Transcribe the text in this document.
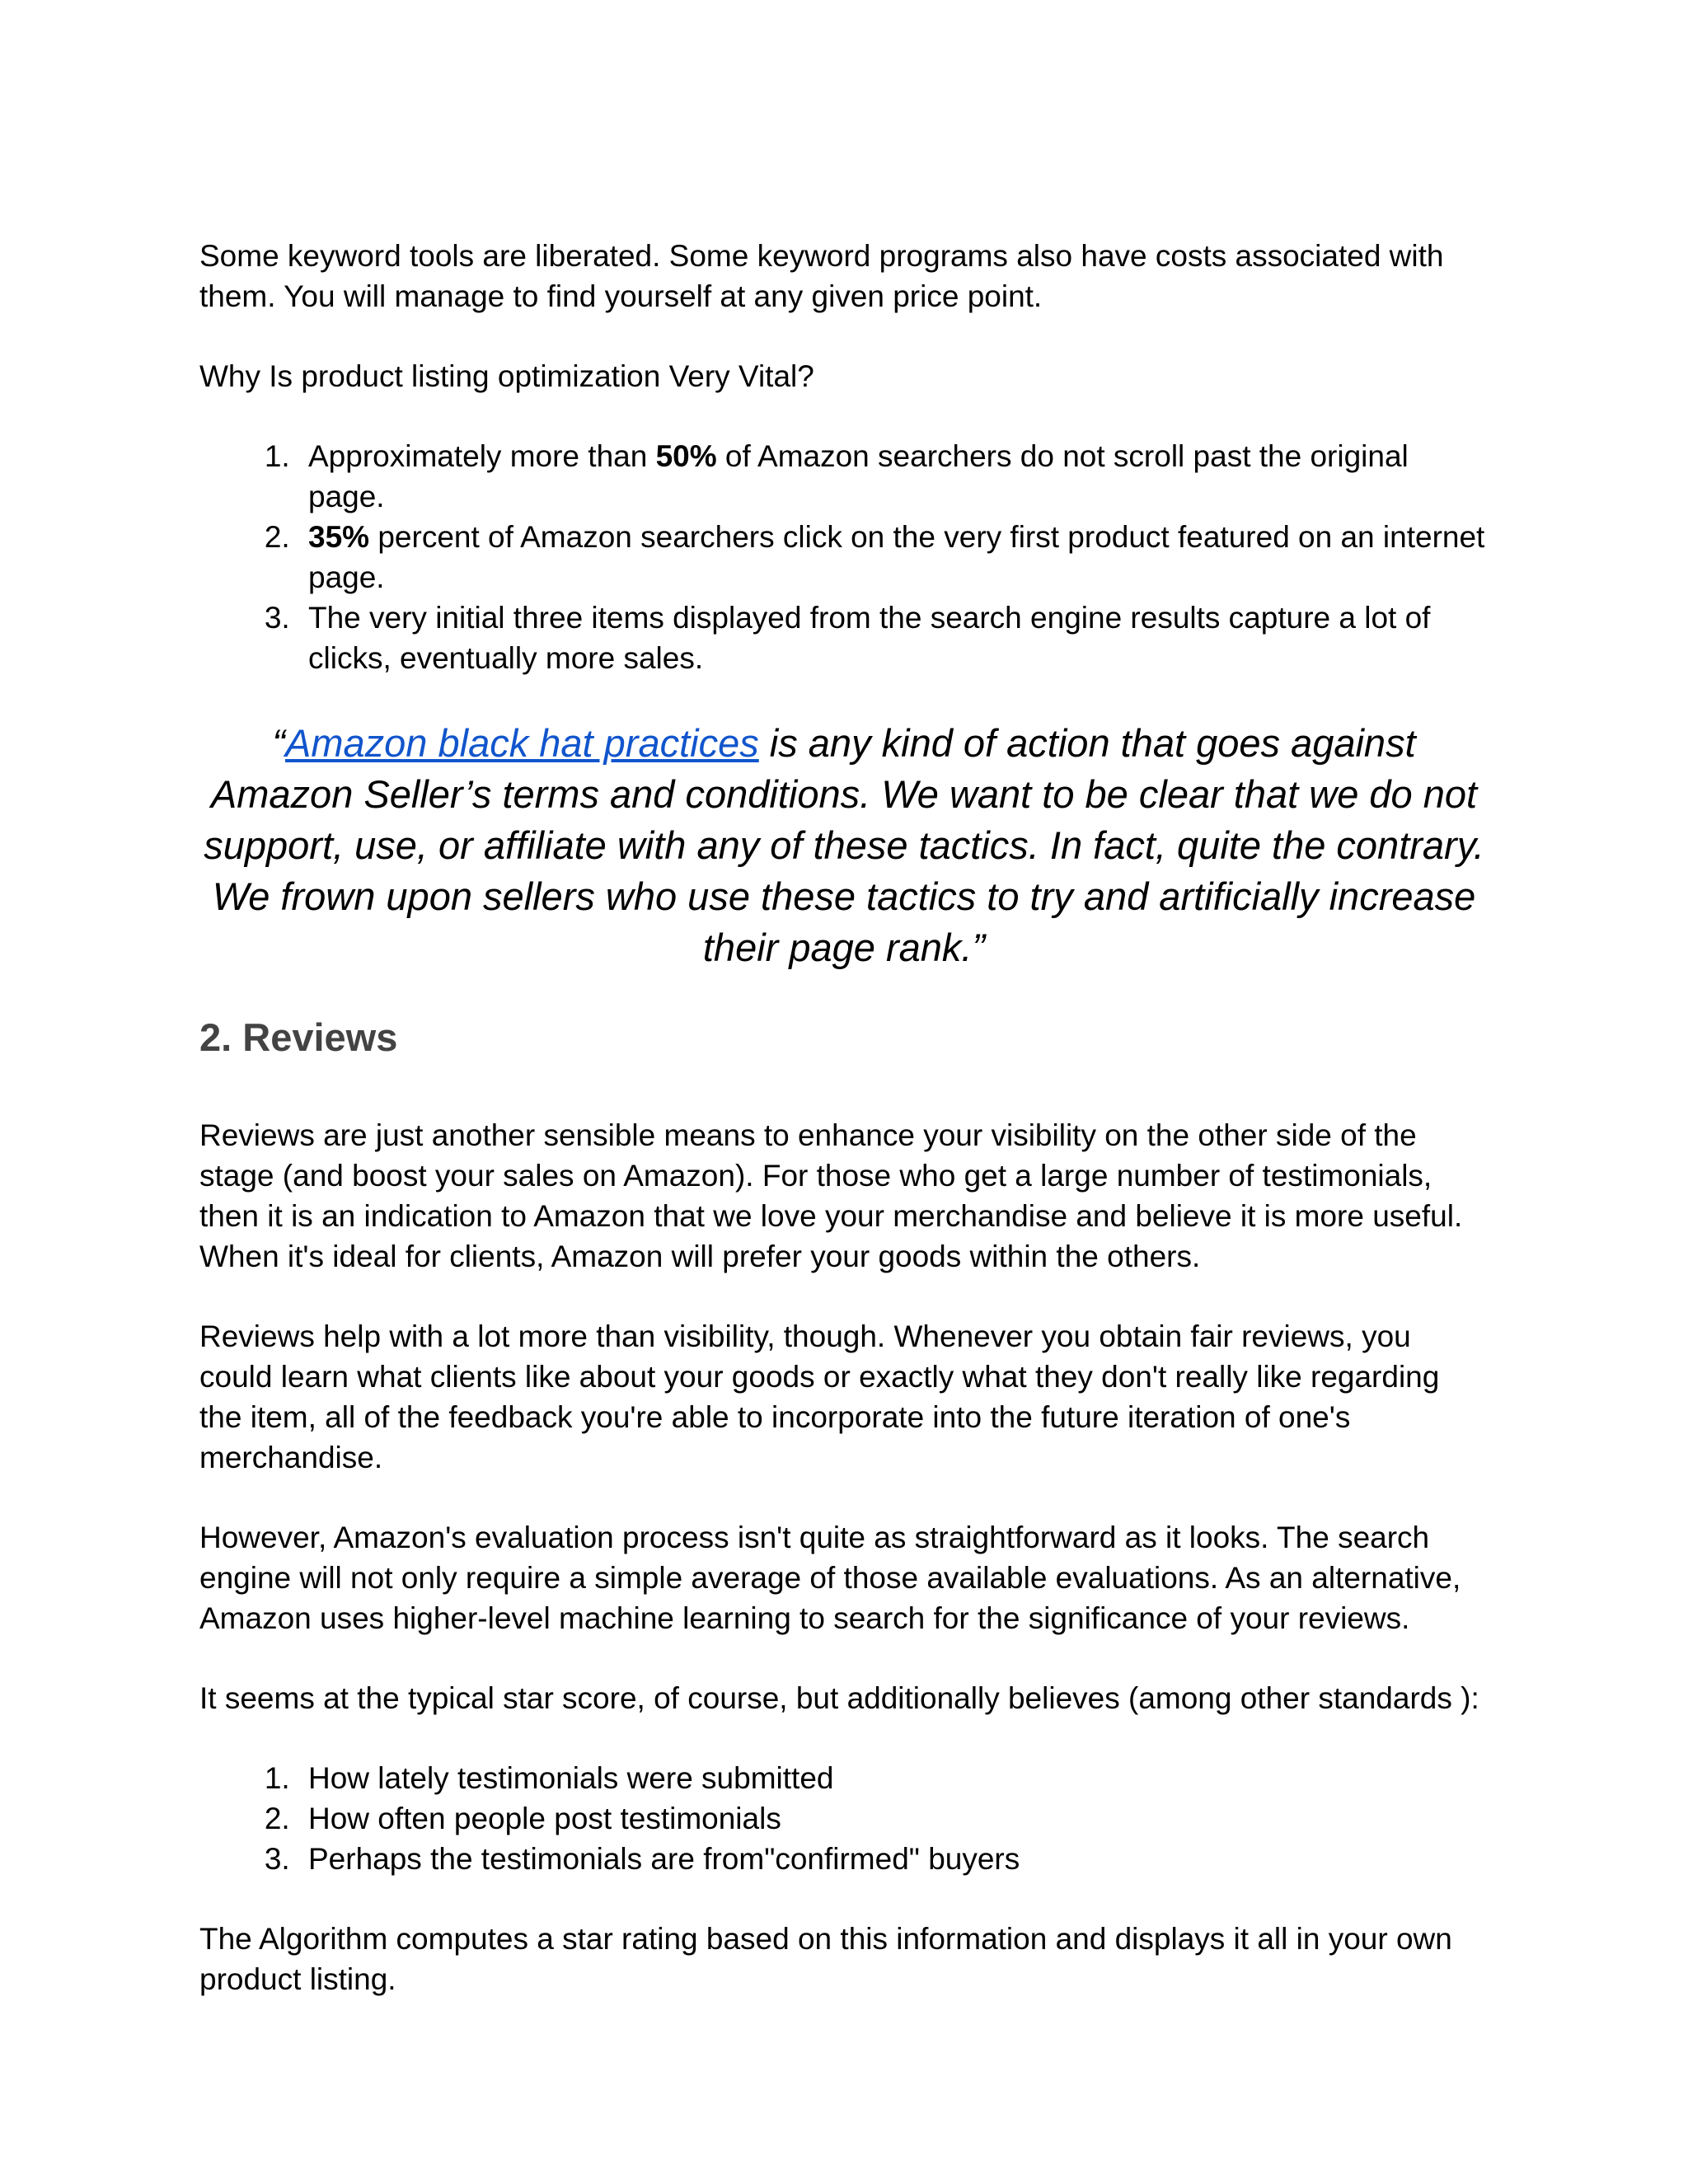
Some keyword tools are liberated. Some keyword programs also have costs associated with them. You will manage to find yourself at any given price point.

Why Is product listing optimization Very Vital?

1. Approximately more than 50% of Amazon searchers do not scroll past the original page.
2. 35% percent of Amazon searchers click on the very first product featured on an internet page.
3. The very initial three items displayed from the search engine results capture a lot of clicks, eventually more sales.

“Amazon black hat practices is any kind of action that goes against Amazon Seller’s terms and conditions. We want to be clear that we do not support, use, or affiliate with any of these tactics. In fact, quite the contrary. We frown upon sellers who use these tactics to try and artificially increase their page rank.”

2. Reviews

Reviews are just another sensible means to enhance your visibility on the other side of the stage (and boost your sales on Amazon). For those who get a large number of testimonials, then it is an indication to Amazon that we love your merchandise and believe it is more useful. When it's ideal for clients, Amazon will prefer your goods within the others.

Reviews help with a lot more than visibility, though. Whenever you obtain fair reviews, you could learn what clients like about your goods or exactly what they don't really like regarding the item, all of the feedback you're able to incorporate into the future iteration of one's merchandise.

However, Amazon's evaluation process isn't quite as straightforward as it looks. The search engine will not only require a simple average of those available evaluations. As an alternative, Amazon uses higher-level machine learning to search for the significance of your reviews.

It seems at the typical star score, of course, but additionally believes (among other standards ):

1. How lately testimonials were submitted
2. How often people post testimonials
3. Perhaps the testimonials are from"confirmed" buyers

The Algorithm computes a star rating based on this information and displays it all in your own product listing.
